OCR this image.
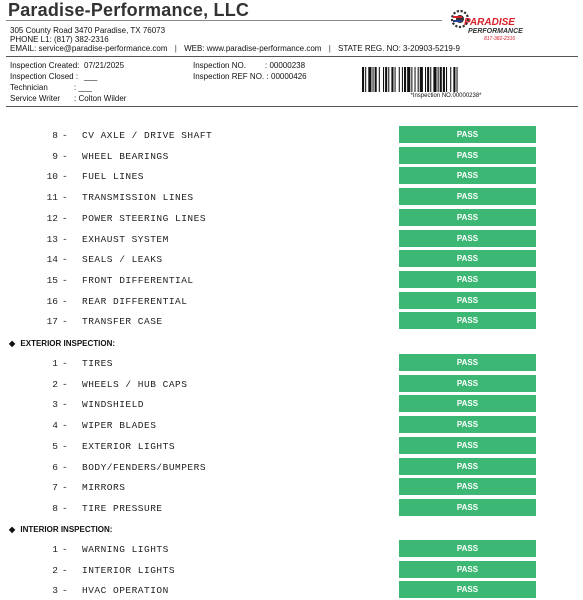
Paradise-Performance, LLC
305 County Road 3470 Paradise, TX 76073
PHONE L1: (817) 382-2316
EMAIL: service@paradise-performance.com | WEB: www.paradise-performance.com | STATE REG. NO: 3-20903-5219-9
PARADISE
PERFORMANCE
817-382-2316
Inspection Created: 07/21/2025
Inspection Closed : ___
Technician	: ___
Service Writer : Colton Wilder
Inspection NO. : 00000238
Inspection REF NO. : 00000426
*Inspection NO.00000238*
8 - CV AXLE / DRIVE SHAFT	PASS
9 - WHEEL BEARINGS	PASS
10 - FUEL LINES	PASS
11 - TRANSMISSION LINES	PASS
12 - POWER STEERING LINES	PASS
13 - EXHAUST SYSTEM	PASS
14 - SEALS / LEAKS	PASS
15 - FRONT DIFFERENTIAL	PASS
16 - REAR DIFFERENTIAL	PASS
17 - TRANSFER CASE	PASS
◆ EXTERIOR INSPECTION:
1 - TIRES	PASS
2 - WHEELS / HUB CAPS	PASS
3 - WINDSHIELD	PASS
4 - WIPER BLADES	PASS
5 - EXTERIOR LIGHTS	PASS
6 - BODY/FENDERS/BUMPERS	PASS
7 - MIRRORS	PASS
8 - TIRE PRESSURE	PASS
◆ INTERIOR INSPECTION:
1 - WARNING LIGHTS	PASS
2 - INTERIOR LIGHTS	PASS
3 - HVAC OPERATION	PASS
